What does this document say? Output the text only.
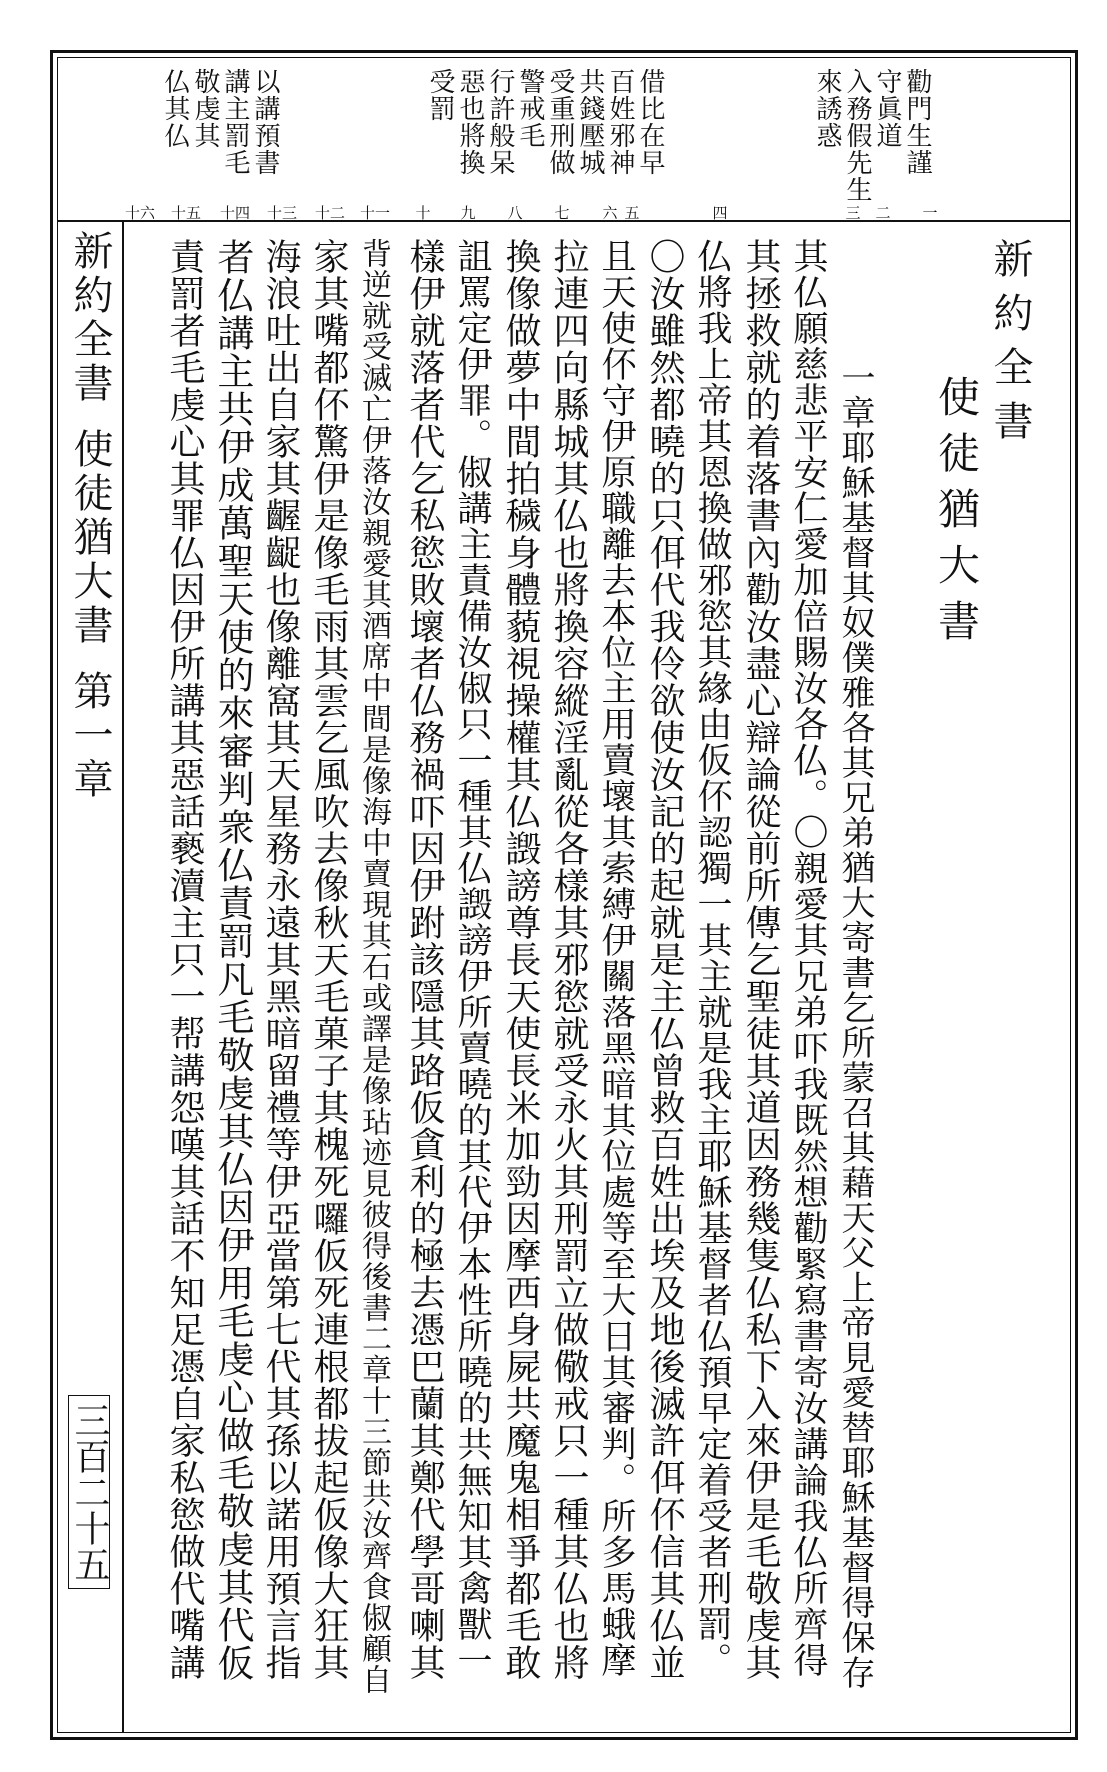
勸門生謹
守眞道
入務假先生
來誘惑
借比在早
百姓邪神
共錢壓城
受重刑做
警戒毛
行許般呆
惡也將換
受罰
以講預書
講主罰毛
敬虔其
仏其仏
一
二
三
四
五
六
七
八
九
十
十一
十二
十三
十四
十五
十六
新約全書使徒猶大書第一章
三百二十五
新約全書
使徒猶大書
一章耶穌基督其奴僕雅各其兄弟猶大寄書乞所蒙召其藉天父上帝見愛替耶穌基督得保存
其仏願慈悲平安仁愛加倍賜汝各仏。〇親愛其兄弟吓我既然想勸緊寫書寄汝講論我仏所齊得
其拯救就的着落書內勸汝盡心辯論從前所傳乞聖徒其道因務幾隻仏私下入來伊是毛敬虔其
仏將我上帝其恩換做邪慾其緣由仮伓認獨一其主就是我主耶穌基督者仏預早定着受者刑罰。
〇汝雖然都曉的只佴代我伶欲使汝記的起就是主仏曾救百姓出埃及地後滅許佴伓信其仏並
且天使伓守伊原職離去本位主用賣壞其索縛伊關落黑暗其位處等至大日其審判。所多馬蛾摩
拉連四向縣城其仏也將換容縱淫亂從各樣其邪慾就受永火其刑罰立做儆戒只一種其仏也將
換像做夢中間拍穢身體藐視操權其仏譭謗尊長天使長米加勁因摩西身屍共魔鬼相爭都毛敢
詛罵定伊罪。俶講主責備汝俶只一種其仏譭謗伊所賣曉的其代伊本性所曉的共無知其禽獸一
樣伊就落者代乞私慾敗壞者仏務禍吓因伊跗該隱其路仮貪利的極去憑巴蘭其鄭代學哥喇其
背逆就受滅亡伊落汝親愛其酒席中間是像海中賣現其石或譯是像玷迹見彼得後書二章十三節共汝齊食俶顧自
家其嘴都伓驚伊是像毛雨其雲乞風吹去像秋天毛菓子其槐死囉仮死連根都拔起仮像大狂其
海浪吐出自家其齷齪也像離窩其天星務永遠其黑暗留禮等伊亞當第七代其孫以諾用預言指
者仏講主共伊成萬聖天使的來審判衆仏責罰凡毛敬虔其仏因伊用毛虔心做毛敬虔其代仮
責罰者毛虔心其罪仏因伊所講其惡話褻瀆主只一帮講怨嘆其話不知足憑自家私慾做代嘴講
